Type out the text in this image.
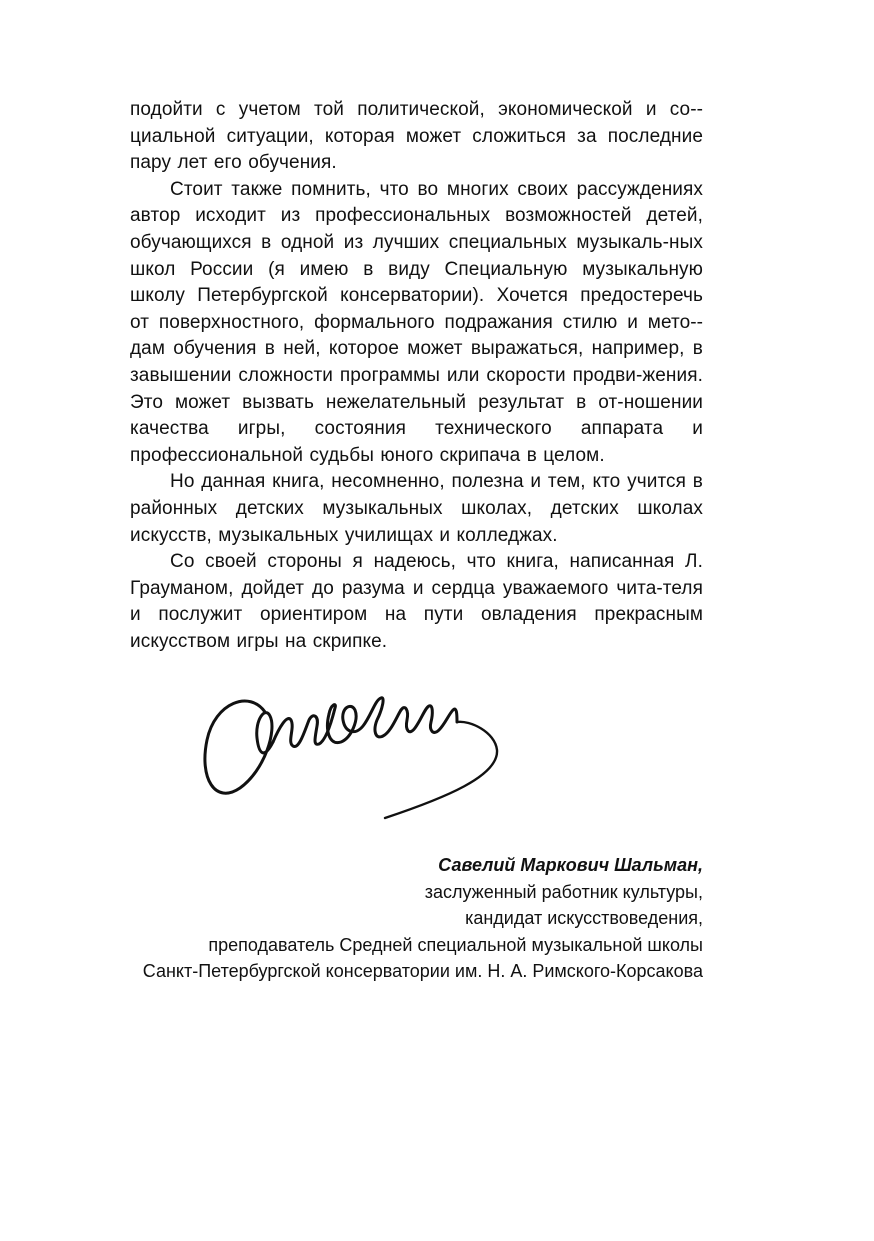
подойти с учетом той политической, экономической и со-циальной ситуации, которая может сложиться за последние пару лет его обучения.

Стоит также помнить, что во многих своих рассуждениях автор исходит из профессиональных возможностей детей, обучающихся в одной из лучших специальных музыкаль-ных школ России (я имею в виду Специальную музыкальную школу Петербургской консерватории). Хочется предостеречь от поверхностного, формального подражания стилю и мето-дам обучения в ней, которое может выражаться, например, в завышении сложности программы или скорости продви-жения. Это может вызвать нежелательный результат в от-ношении качества игры, состояния технического аппарата и профессиональной судьбы юного скрипача в целом.

Но данная книга, несомненно, полезна и тем, кто учится в районных детских музыкальных школах, детских школах искусств, музыкальных училищах и колледжах.

Со своей стороны я надеюсь, что книга, написанная Л. Грауманом, дойдет до разума и сердца уважаемого чита-теля и послужит ориентиром на пути овладения прекрасным искусством игры на скрипке.

Савелий Маркович Шальман,
заслуженный работник культуры,
кандидат искусствоведения,
преподаватель Средней специальной музыкальной школы
Санкт-Петербургской консерватории им. Н. А. Римского-Корсакова
